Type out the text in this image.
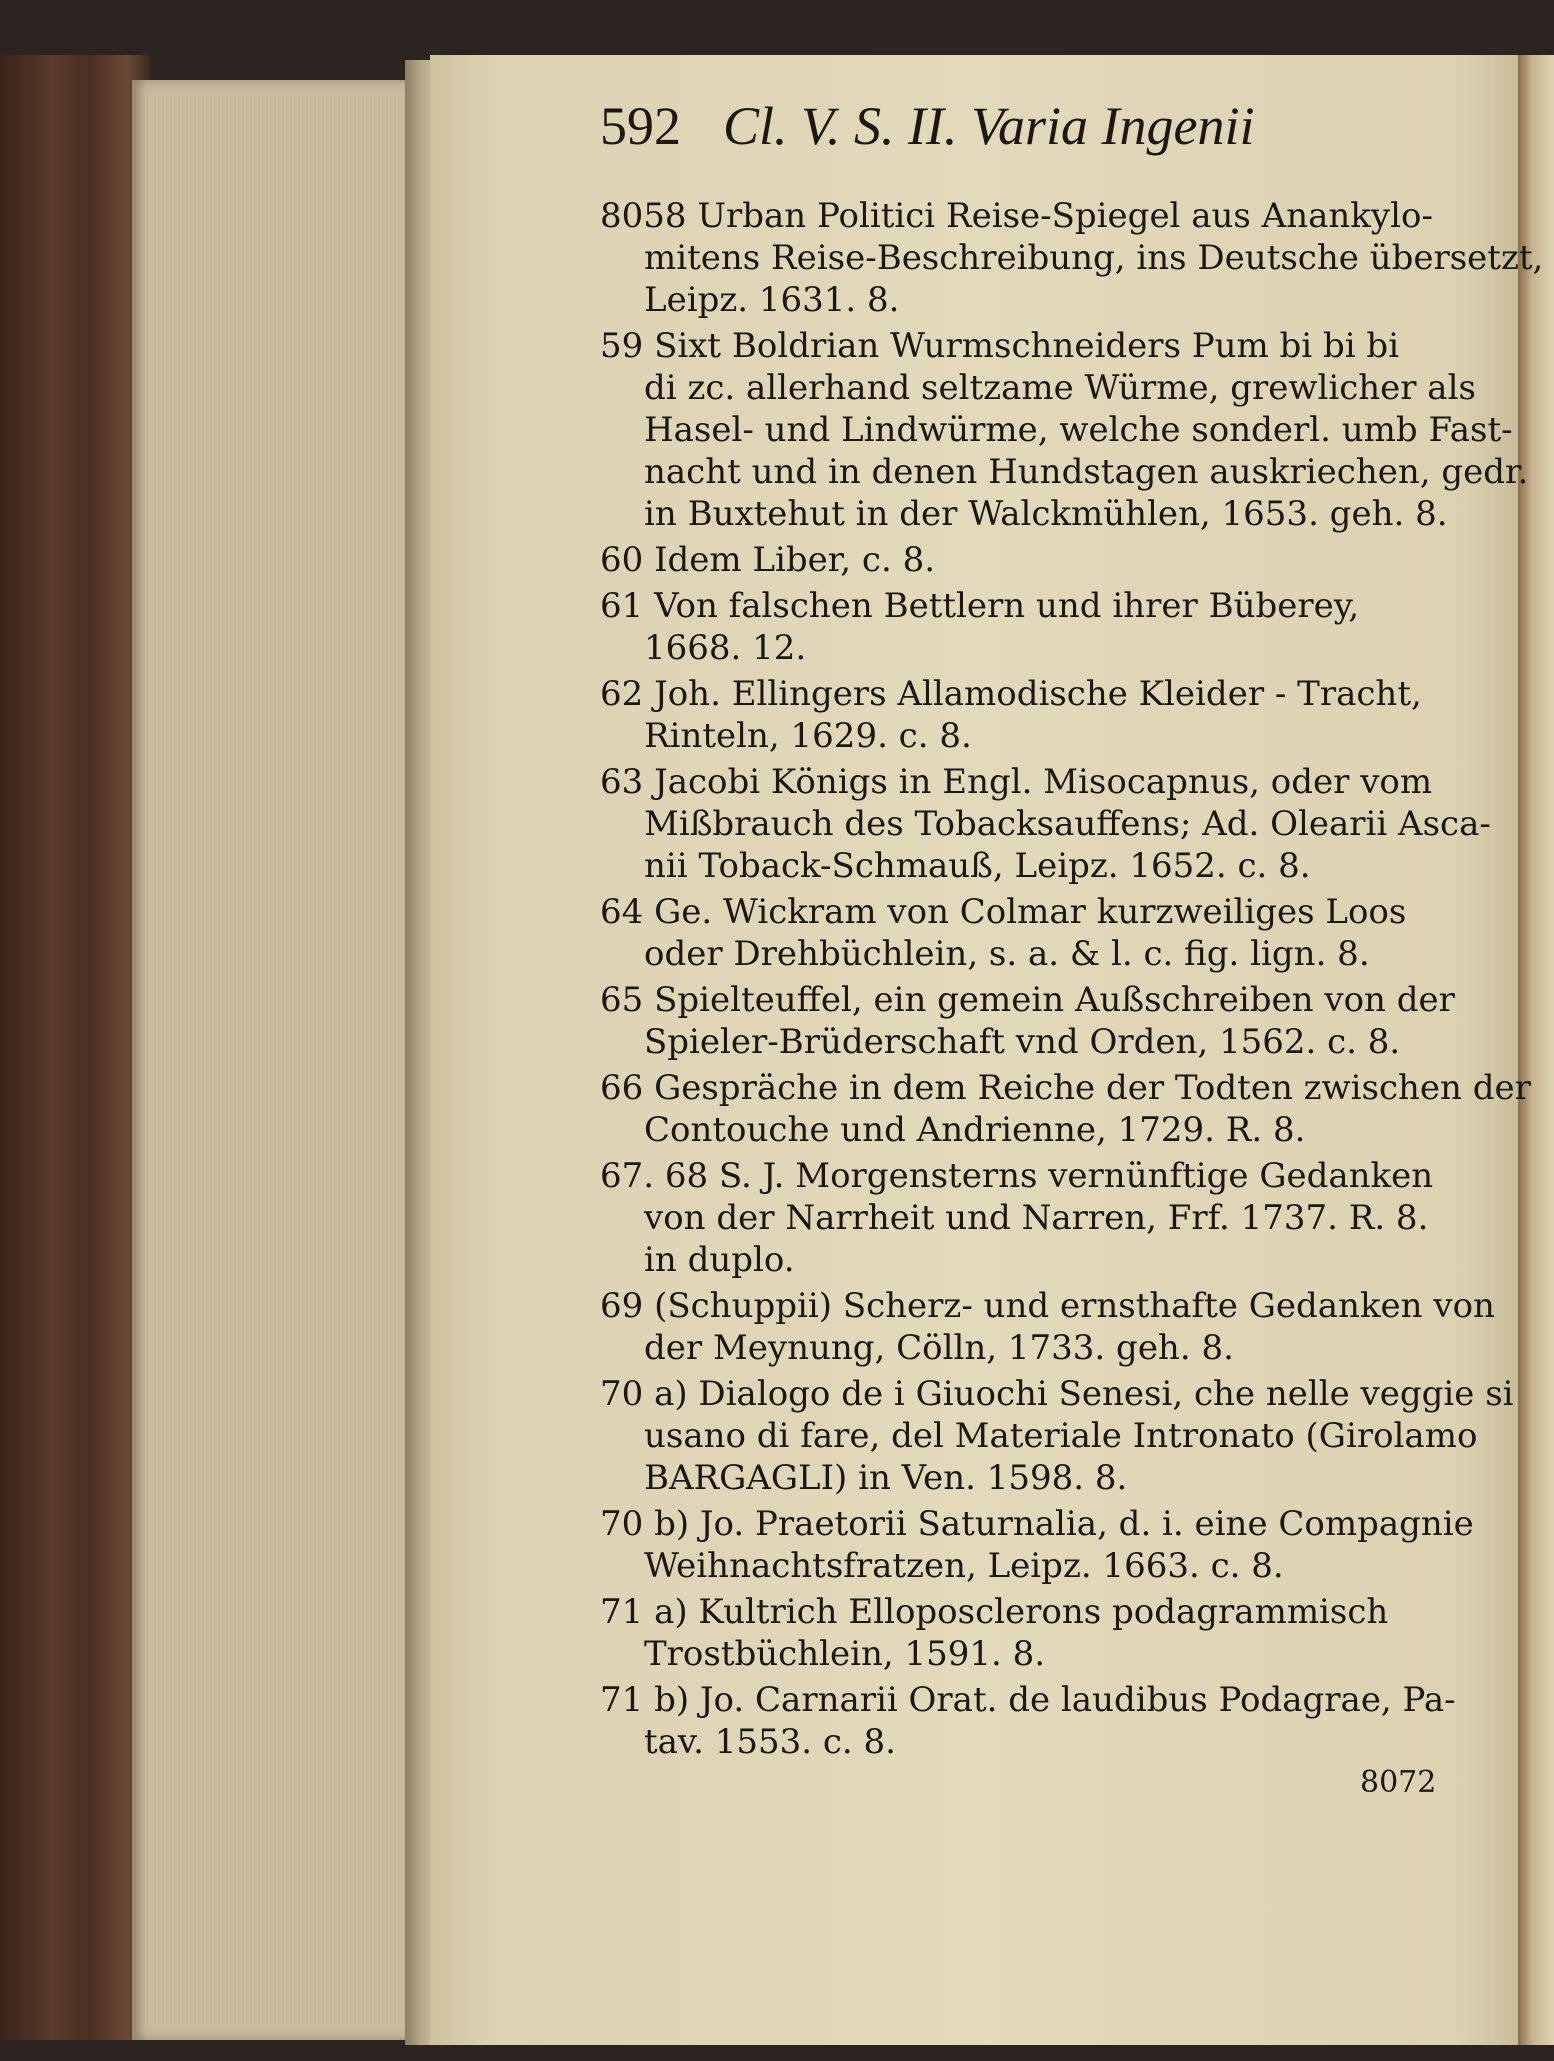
592 Cl. V. S. II. Varia Ingenii
8058 Urban Politici Reise-Spiegel aus Anankylo-
mitens Reise-Beschreibung, ins Deutsche übersetzt,
Leipz. 1631. 8.
59 Sixt Boldrian Wurmschneiders Pum bi bi bi
di zc. allerhand seltzame Würme, grewlicher als
Hasel- und Lindwürme, welche sonderl. umb Fast-
nacht und in denen Hundstagen auskriechen, gedr.
in Buxtehut in der Walckmühlen, 1653. geh. 8.
60 Idem Liber, c. 8.
61 Von falschen Bettlern und ihrer Büberey,
1668. 12.
62 Joh. Ellingers Allamodische Kleider - Tracht,
Rinteln, 1629. c. 8.
63 Jacobi Königs in Engl. Misocapnus, oder vom
Mißbrauch des Tobacksauffens; Ad. Olearii Asca-
nii Toback-Schmauß, Leipz. 1652. c. 8.
64 Ge. Wickram von Colmar kurzweiliges Loos
oder Drehbüchlein, s. a. & l. c. fig. lign. 8.
65 Spielteuffel, ein gemein Außschreiben von der
Spieler-Brüderschaft vnd Orden, 1562. c. 8.
66 Gespräche in dem Reiche der Todten zwischen der
Contouche und Andrienne, 1729. R. 8.
67. 68 S. J. Morgensterns vernünftige Gedanken
von der Narrheit und Narren, Frf. 1737. R. 8.
in duplo.
69 (Schuppii) Scherz- und ernsthafte Gedanken von
der Meynung, Cölln, 1733. geh. 8.
70 a) Dialogo de i Giuochi Senesi, che nelle veggie si
usano di fare, del Materiale Intronato (Girolamo
BARGAGLI) in Ven. 1598. 8.
70 b) Jo. Praetorii Saturnalia, d. i. eine Compagnie
Weihnachtsfratzen, Leipz. 1663. c. 8.
71 a) Kultrich Elloposclerons podagrammisch
Trostbüchlein, 1591. 8.
71 b) Jo. Carnarii Orat. de laudibus Podagrae, Pa-
tav. 1553. c. 8.
8072
